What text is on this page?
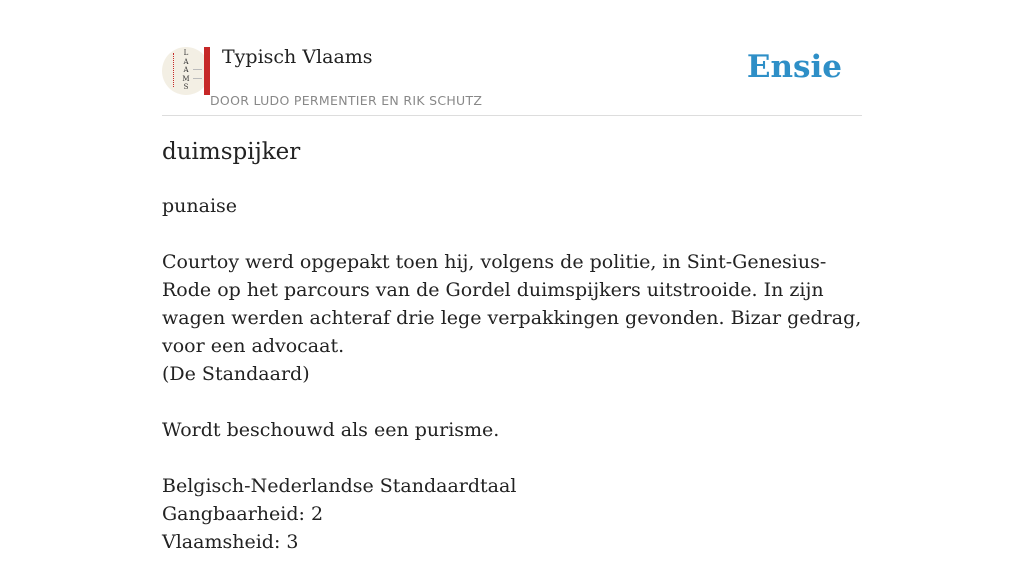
L
A
A
M
S
Typisch Vlaams
DOOR LUDO PERMENTIER EN RIK SCHUTZ
Ensie
duimspijker

punaise

Courtoy werd opgepakt toen hij, volgens de politie, in Sint-Genesius-Rode op het parcours van de Gordel duimspijkers uitstrooide. In zijn wagen werden achteraf drie lege verpakkingen gevonden. Bizar gedrag, voor een advocaat.
(De Standaard)

Wordt beschouwd als een purisme.

Belgisch-Nederlandse Standaardtaal
Gangbaarheid: 2
Vlaamsheid: 3
